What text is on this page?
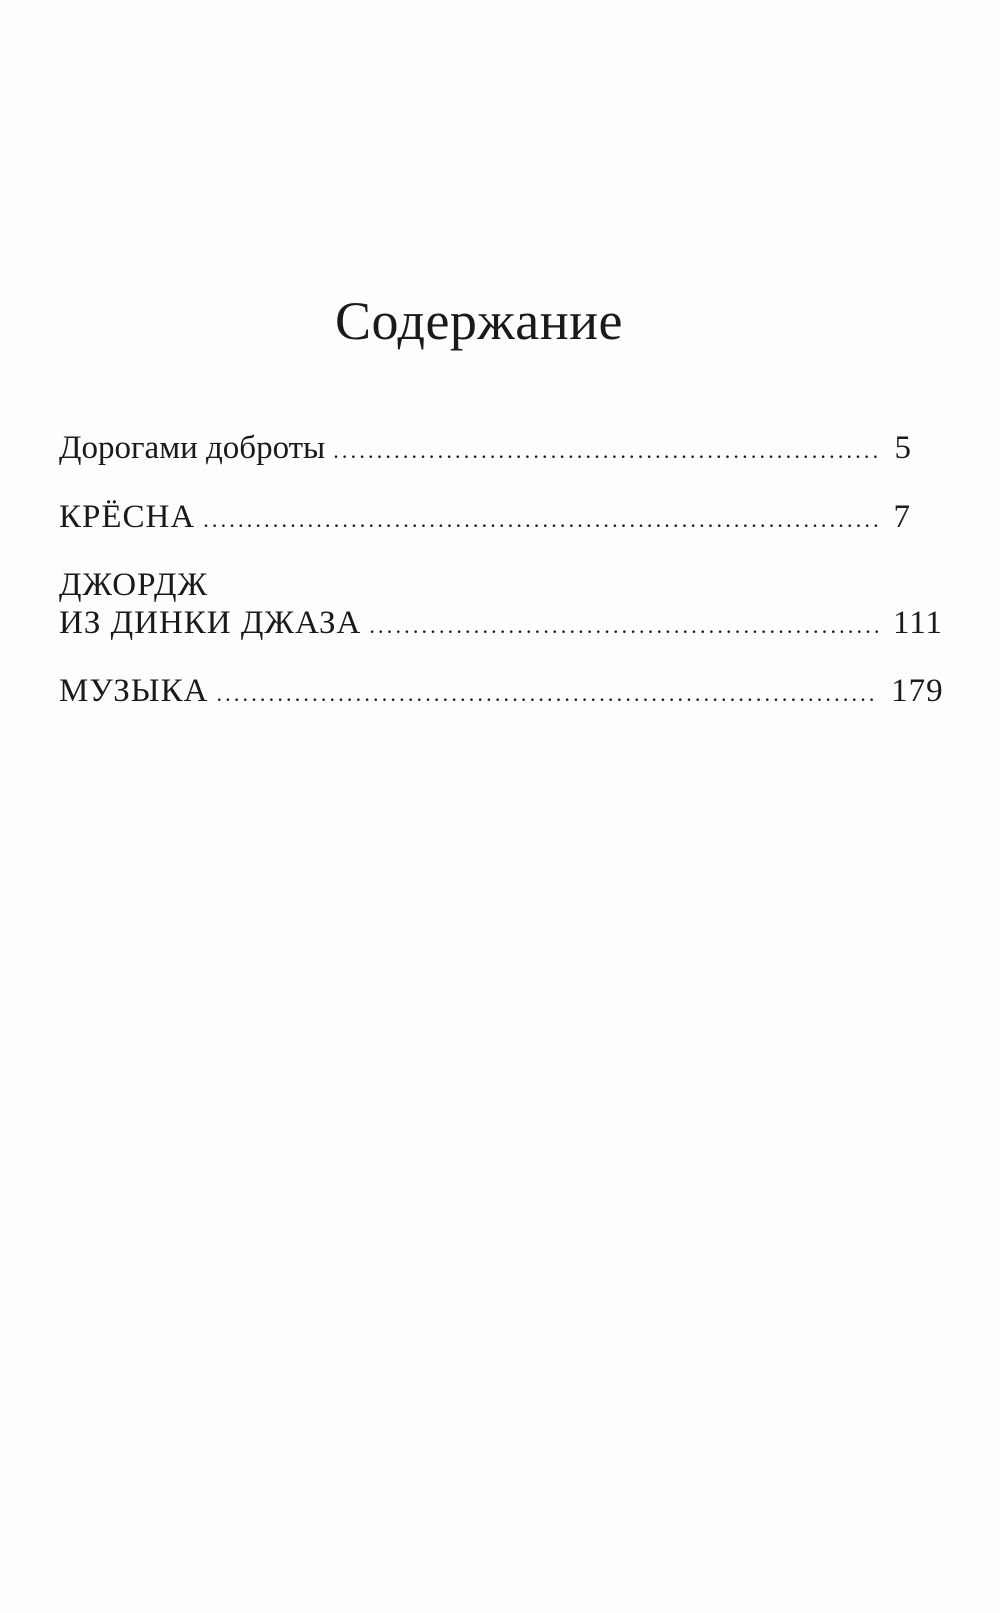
Содержание
Дорогами доброты .....	5
КРЁСНА .....	7
ДЖОРДЖ
ИЗ ДИНКИ ДЖАЗА .....	111
МУЗЫКА .....	179
